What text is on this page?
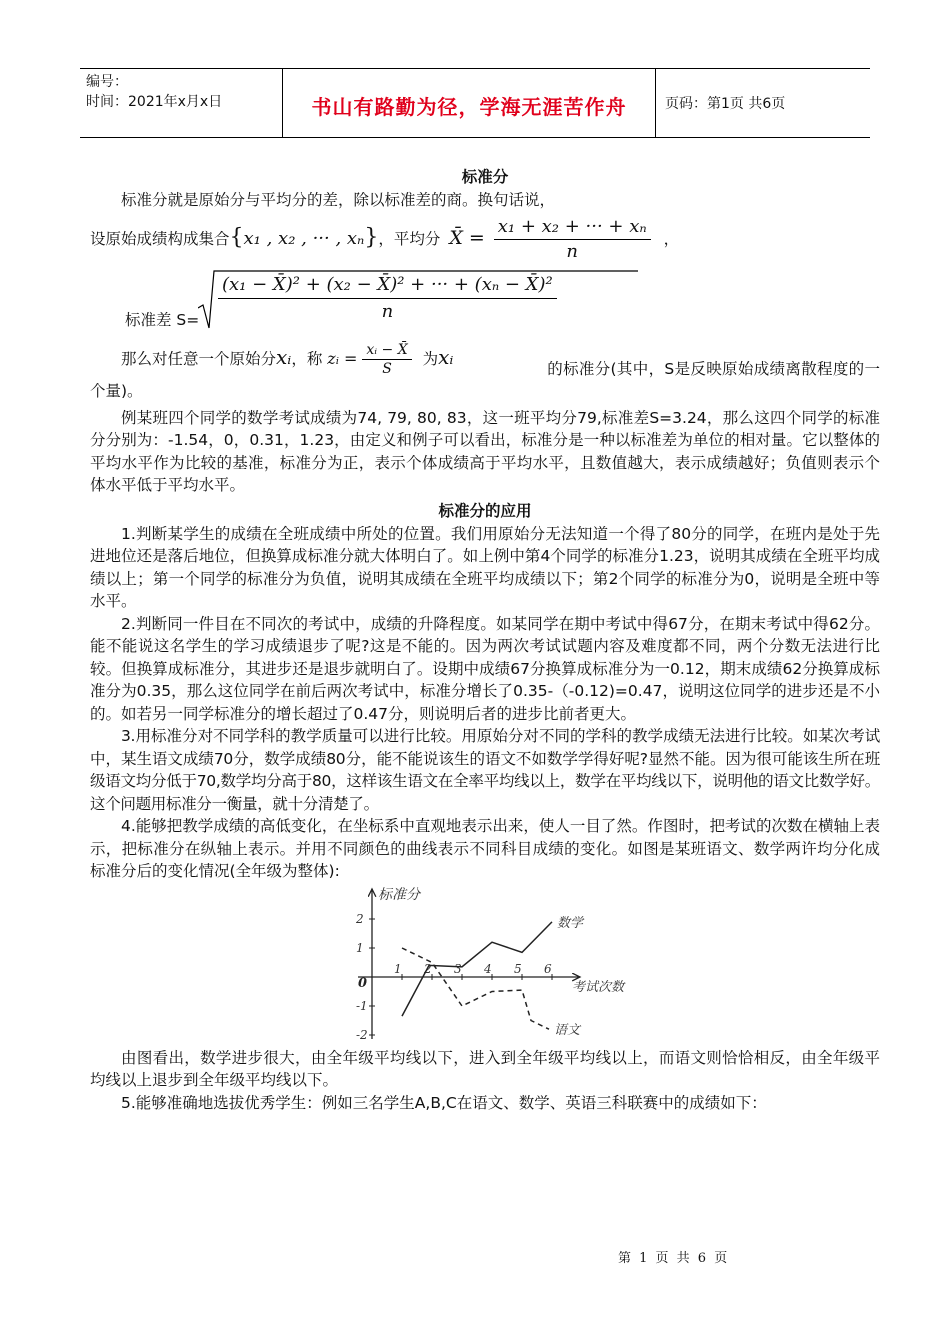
编号：
时间：2021年x月x日	书山有路勤为径，学海无涯苦作舟	页码：第1页 共6页
标准分

标准分就是原始分与平均分的差，除以标准差的商。换句话说，

设原始成绩构成集合{x₁ , x₂ , ··· , xₙ}，平均分 X̄ = $\frac{\text{x₁ + x₂ + ··· + xₙ}}{n}$ ，
标准差 $S= \frac{\text{(x₁ − X̄)² + (x₂ − X̄)² + ··· + (xₙ − X̄)²}}{n}$
那么对任意一个原始分xᵢ，称 zᵢ = $\frac{\text{xᵢ − X̄}}{S}$ 为xᵢ	的标准分(其中，S是反映原始成绩离散程度的一个量)。

例某班四个同学的数学考试成绩为74, 79, 80, 83，这一班平均分79,标准差S=3.24，那么这四个同学的标准分分别为：-1.54，0，0.31，1.23，由定义和例子可以看出，标准分是一种以标准差为单位的相对量。它以整体的平均水平作为比较的基准，标准分为正，表示个体成绩高于平均水平，且数值越大，表示成绩越好；负值则表示个体水平低于平均水平。

标准分的应用

1.判断某学生的成绩在全班成绩中所处的位置。我们用原始分无法知道一个得了80分的同学，在班内是处于先进地位还是落后地位，但换算成标准分就大体明白了。如上例中第4个同学的标准分1.23，说明其成绩在全班平均成绩以上；第一个同学的标准分为负值，说明其成绩在全班平均成绩以下；第2个同学的标准分为0，说明是全班中等水平。

2.判断同一件目在不同次的考试中，成绩的升降程度。如某同学在期中考试中得67分，在期末考试中得62分。能不能说这名学生的学习成绩退步了呢?这是不能的。因为两次考试试题内容及难度都不同，两个分数无法进行比较。但换算成标准分，其进步还是退步就明白了。设期中成绩67分换算成标准分为一0.12，期末成绩62分换算成标准分为0.35，那么这位同学在前后两次考试中，标准分增长了0.35-（-0.12)=0.47，说明这位同学的进步还是不小的。如若另一同学标准分的增长超过了0.47分，则说明后者的进步比前者更大。

3.用标准分对不同学科的教学质量可以进行比较。用原始分对不同的学科的教学成绩无法进行比较。如某次考试中，某生语文成绩70分，数学成绩80分，能不能说该生的语文不如数学学得好呢?显然不能。因为很可能该生所在班级语文均分低于70,数学均分高于80，这样该生语文在全率平均线以上，数学在平均线以下，说明他的语文比数学好。这个问题用标准分一衡量，就十分清楚了。

4.能够把教学成绩的高低变化，在坐标系中直观地表示出来，使人一目了然。作图时，把考试的次数在横轴上表示，把标准分在纵轴上表示。并用不同颜色的曲线表示不同科目成绩的变化。如图是某班语文、数学两许均分化成标准分后的变化情况(全年级为整体):

标准分
考试次数
0
1 2 3 4 5 6
2
1
-1
-2
数学
语文

由图看出，数学进步很大，由全年级平均线以下，进入到全年级平均线以上，而语文则恰恰相反，由全年级平均线以上退步到全年级平均线以下。

5.能够准确地选拔优秀学生：例如三名学生A,B,C在语文、数学、英语三科联赛中的成绩如下：

第 1 页 共 6 页
